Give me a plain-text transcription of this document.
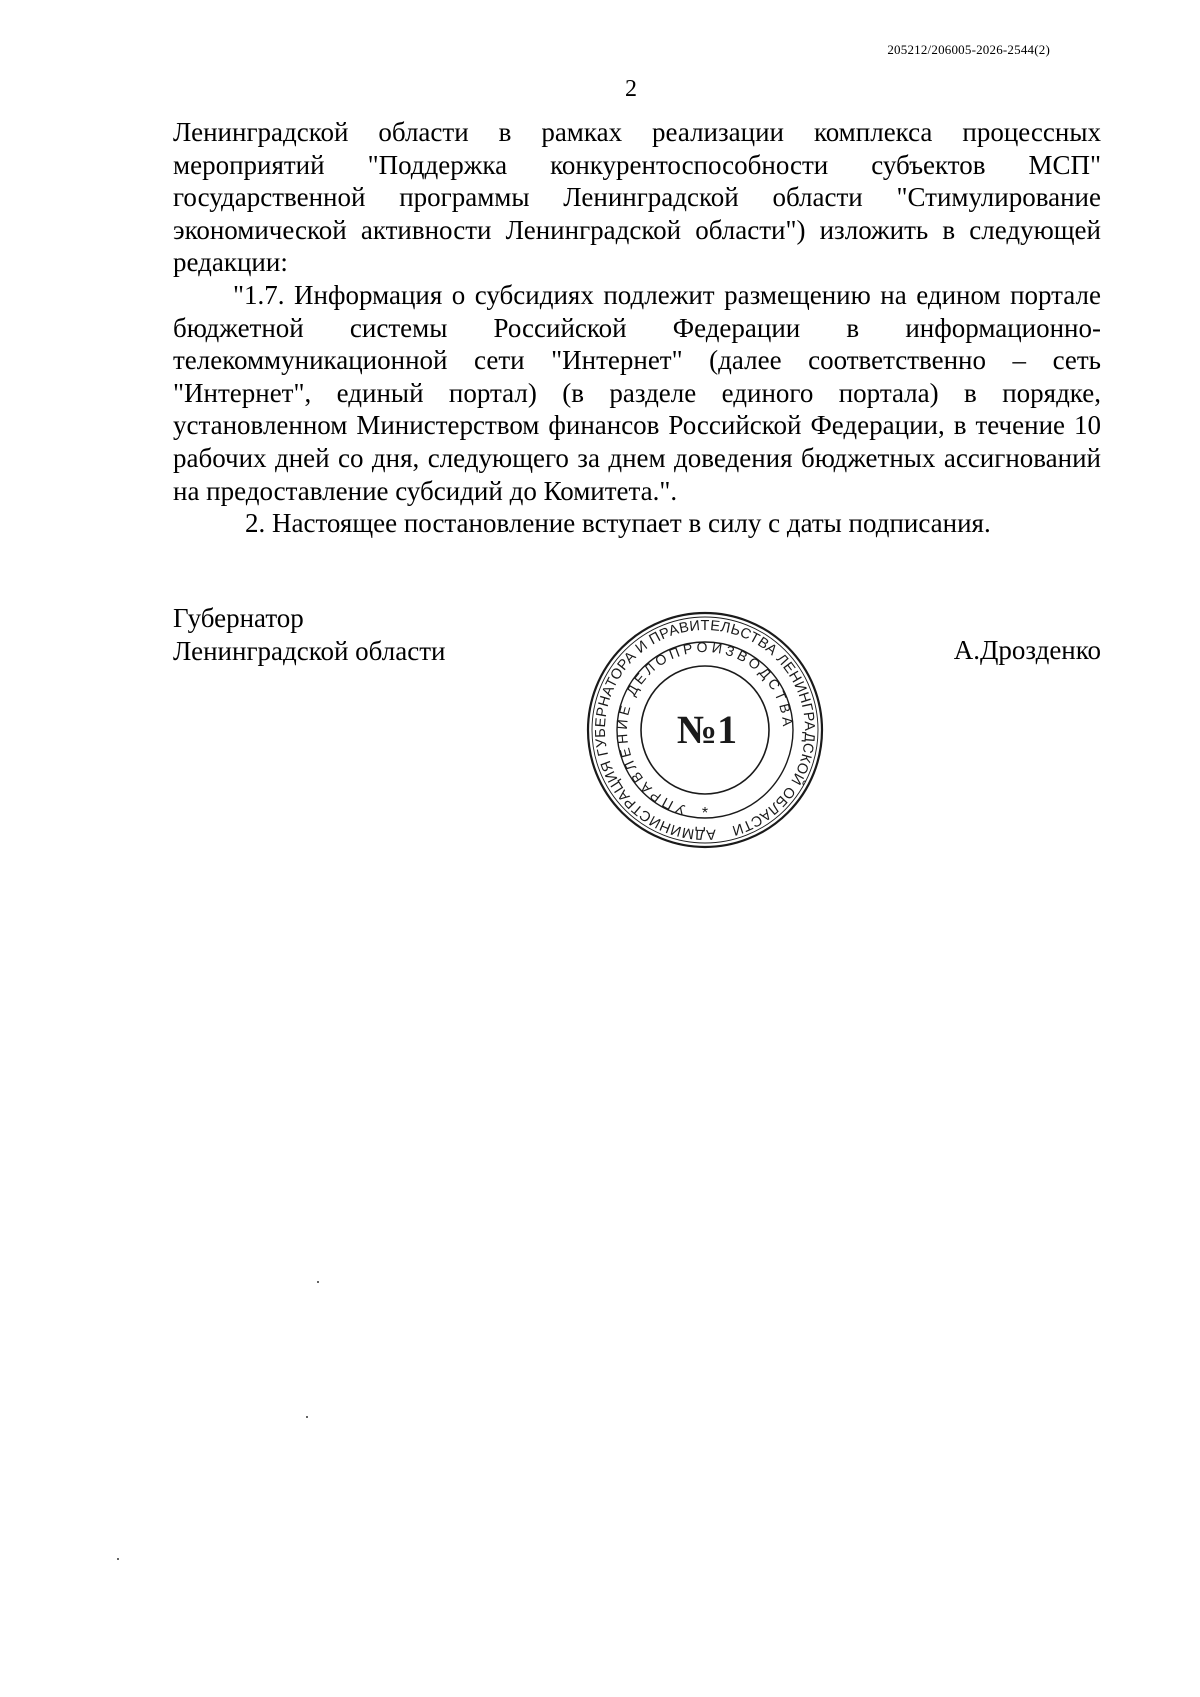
205212/206005-2026-2544(2)
2

Ленинградской области в рамках реализации комплекса процессных мероприятий "Поддержка конкурентоспособности субъектов МСП" государственной программы Ленинградской области "Стимулирование экономической активности Ленинградской области") изложить в следующей редакции:

"1.7. Информация о субсидиях подлежит размещению на едином портале бюджетной системы Российской Федерации в информационно-телекоммуникационной сети "Интернет" (далее соответственно – сеть "Интернет", единый портал) (в разделе единого портала) в порядке, установленном Министерством финансов Российской Федерации, в течение 10 рабочих дней со дня, следующего за днем доведения бюджетных ассигнований на предоставление субсидий до Комитета.".

2. Настоящее постановление вступает в силу с даты подписания.

Губернатор
Ленинградской области	А.Дрозденко
АДМИНИСТРАЦИЯ ГУБЕРНАТОРА И ПРАВИТЕЛЬСТВА ЛЕНИНГРАДСКОЙ ОБЛАСТИ
УПРАВЛЕНИЕ ДЕЛОПРОИЗВОДСТВА
№1
*
